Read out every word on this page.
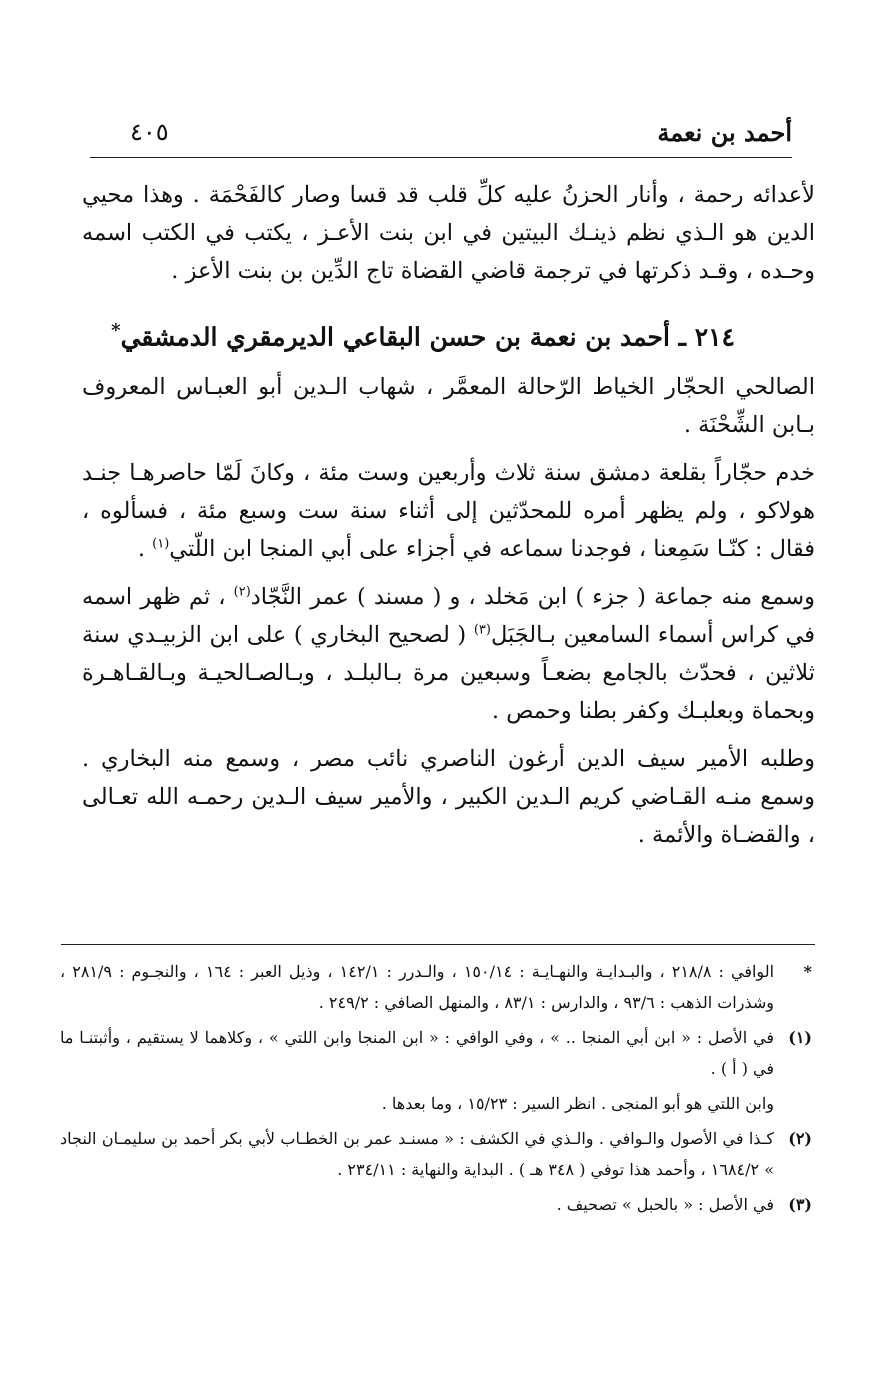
أحمد بن نعمة
٤٠٥

لأعدائه رحمة ، وأنار الحزنُ عليه كلِّ قلب قد قسا وصار كالفَحْمَة . وهذا محيي الدين هو الـذي نظم ذينـك البيتين في ابن بنت الأعـز ، يكتب في الكتب اسمه وحـده ، وقـد ذكرتها في ترجمة قاضي القضاة تاج الدِّين بن بنت الأعز .

٢١٤ ـ أحمد بن نعمة بن حسن البقاعي الديرمقري الدمشقي*

الصالحي الحجّار الخياط الرّحالة المعمَّر ، شهاب الـدين أبو العبـاس المعروف بـابن الشِّحْنَة .

خدم حجّاراً بقلعة دمشق سنة ثلاث وأربعين وست مئة ، وكانَ لَمّا حاصرهـا جنـد هولاكو ، ولم يظهر أمره للمحدّثين إلى أثناء سنة ست وسبع مئة ، فسألوه ، فقال : كنّـا سَمِعنا ، فوجدنا سماعه في أجزاء على أبي المنجا ابن اللّتي$^{(١)}$ .

وسمع منه جماعة ( جزء ) ابن مَخلد ، و ( مسند ) عمر النَّجّاد$^{(٢)}$ ، ثم ظهر اسمه في كراس أسماء السامعين بـالجَبَل$^{(٣)}$ ( لصحيح البخاري ) على ابن الزبيـدي سنة ثلاثين ، فحدّث بالجامع بضعـاً وسبعين مرة بـالبلـد ، وبـالصـالحيـة وبـالقـاهـرة وبحماة وبعلبـك وكفر بطنا وحمص .

وطلبه الأمير سيف الدين أرغون الناصري نائب مصر ، وسمع منه البخاري . وسمع منـه القـاضي كريم الـدين الكبير ، والأمير سيف الـدين رحمـه الله تعـالى ، والقضـاة والأئمة .

*
الوافي : ٢١٨/٨ ، والبـدايـة والنهـايـة : ١٥٠/١٤ ، والـدرر : ١٤٢/١ ، وذيل العبر : ١٦٤ ، والنجـوم : ٢٨١/٩ ، وشذرات الذهب : ٩٣/٦ ، والدارس : ٨٣/١ ، والمنهل الصافي : ٢٤٩/٢ .
(١)
في الأصل : « ابن أبي المنجا .. » ، وفي الوافي : « ابن المنجا وابن اللتي » ، وكلاهما لا يستقيم ، وأثبتنـا ما في ( أ ) .
وابن اللتي هو أبو المنجى . انظر السير : ١٥/٢٣ ، وما بعدها .
(٢)
كـذا في الأصول والـوافي . والـذي في الكشف : « مسنـد عمر بن الخطـاب لأبي بكر أحمد بن سليمـان النجاد » ١٦٨٤/٢ ، وأحمد هذا توفي ( ٣٤٨ هـ ) . البداية والنهاية : ٢٣٤/١١ .
(٣)
في الأصل : « بالحبل » تصحيف .
